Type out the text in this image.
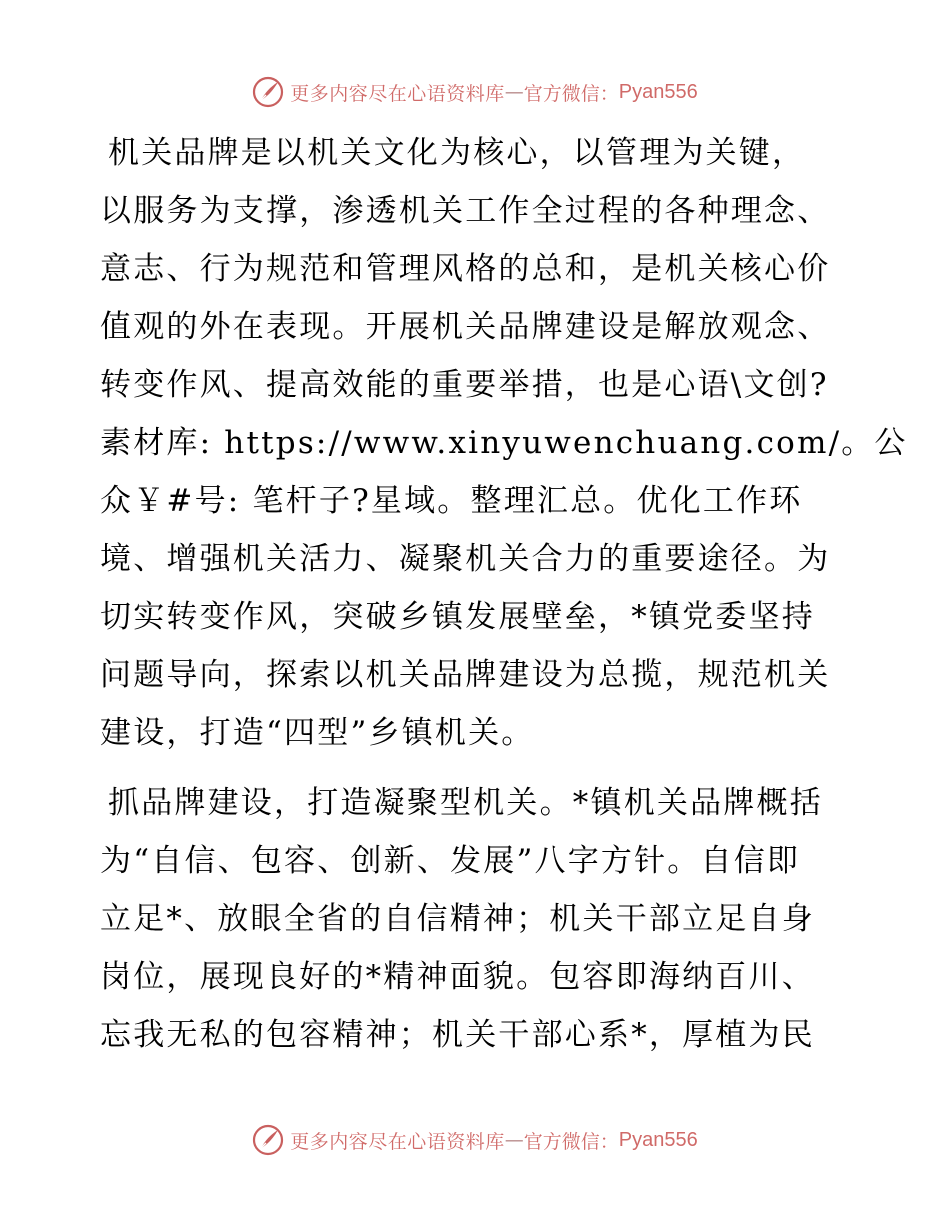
更多内容尽在心语资料库 — 官方微信： Pyan556
机关品牌是以机关文化为核心，以管理为关键，
以服务为支撑，渗透机关工作全过程的各种理念、
意志、行为规范和管理风格的总和，是机关核心价
值观的外在表现。开展机关品牌建设是解放观念、
转变作风、提高效能的重要举措，也是心语\文创?
素材库: https://www.xinyuwenchuang.com/。公
众￥#号: 笔杆子?星域。整理汇总。优化工作环
境、增强机关活力、凝聚机关合力的重要途径。为
切实转变作风，突破乡镇发展壁垒，*镇党委坚持
问题导向，探索以机关品牌建设为总揽，规范机关
建设，打造“四型”乡镇机关。
抓品牌建设，打造凝聚型机关。*镇机关品牌概括
为“自信、包容、创新、发展”八字方针。自信即
立足*、放眼全省的自信精神；机关干部立足自身
岗位，展现良好的*精神面貌。包容即海纳百川、
忘我无私的包容精神；机关干部心系*，厚植为民
更多内容尽在心语资料库 — 官方微信： Pyan556
